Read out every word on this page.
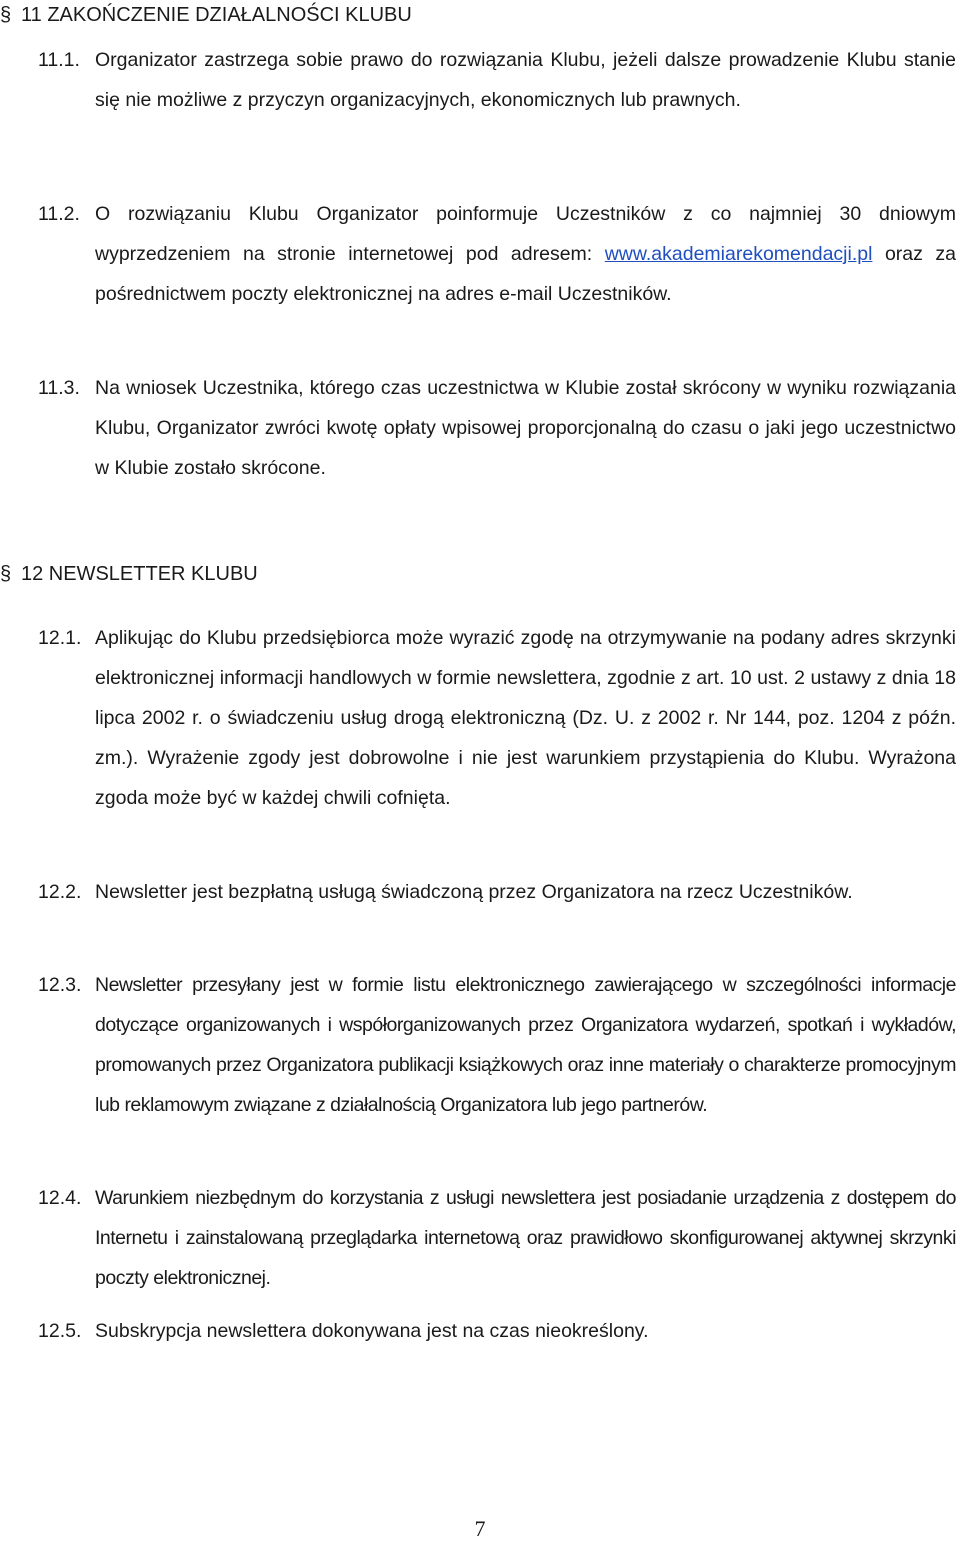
§ 11 ZAKOŃCZENIE DZIAŁALNOŚCI KLUBU
11.1. Organizator zastrzega sobie prawo do rozwiązania Klubu, jeżeli dalsze prowadzenie Klubu stanie się nie możliwe z przyczyn organizacyjnych, ekonomicznych lub prawnych.

11.2. O rozwiązaniu Klubu Organizator poinformuje Uczestników z co najmniej 30 dniowym wyprzedzeniem na stronie internetowej pod adresem: www.akademiarekomendacji.pl oraz za pośrednictwem poczty elektronicznej na adres e-mail Uczestników.

11.3. Na wniosek Uczestnika, którego czas uczestnictwa w Klubie został skrócony w wyniku rozwiązania Klubu, Organizator zwróci kwotę opłaty wpisowej proporcjonalną do czasu o jaki jego uczestnictwo w Klubie zostało skrócone.

§ 12 NEWSLETTER KLUBU
12.1. Aplikując do Klubu przedsiębiorca może wyrazić zgodę na otrzymywanie na podany adres skrzynki elektronicznej informacji handlowych w formie newslettera, zgodnie z art. 10 ust. 2 ustawy z dnia 18 lipca 2002 r. o świadczeniu usług drogą elektroniczną (Dz. U. z 2002 r. Nr 144, poz. 1204 z późn. zm.). Wyrażenie zgody jest dobrowolne i nie jest warunkiem przystąpienia do Klubu. Wyrażona zgoda może być w każdej chwili cofnięta.

12.2. Newsletter jest bezpłatną usługą świadczoną przez Organizatora na rzecz Uczestników.

12.3. Newsletter przesyłany jest w formie listu elektronicznego zawierającego w szczególności informacje dotyczące organizowanych i współorganizowanych przez Organizatora wydarzeń, spotkań i wykładów, promowanych przez Organizatora publikacji książkowych oraz inne materiały o charakterze promocyjnym lub reklamowym związane z działalnością Organizatora lub jego partnerów.

12.4. Warunkiem niezbędnym do korzystania z usługi newslettera jest posiadanie urządzenia z dostępem do Internetu i zainstalowaną przeglądarka internetową oraz prawidłowo skonfigurowanej aktywnej skrzynki poczty elektronicznej.

12.5. Subskrypcja newslettera dokonywana jest na czas nieokreślony.

7
